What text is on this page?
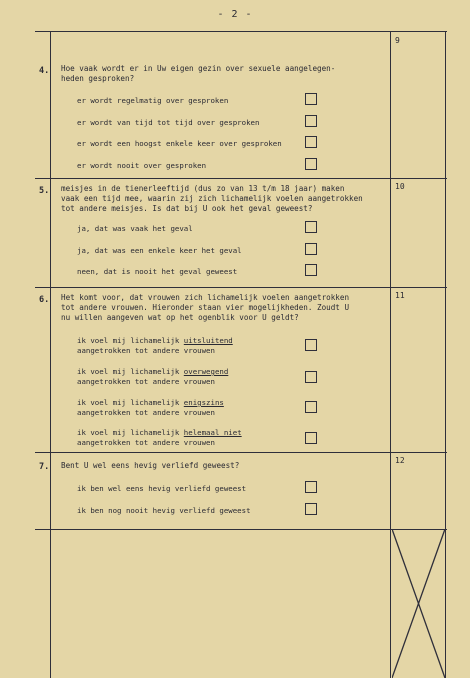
- 2 -
9
4. Hoe vaak wordt er in Uw eigen gezin over sexuele aangelegen-
heden gesproken?
er wordt regelmatig over gesproken
er wordt van tijd tot tijd over gesproken
er wordt een hoogst enkele keer over gesproken
er wordt nooit over gesproken
10
5. meisjes in de tienerleeftijd (dus zo van 13 t/m 18 jaar) maken
vaak een tijd mee, waarin zij zich lichamelijk voelen aangetrokken
tot andere meisjes. Is dat bij U ook het geval geweest?
ja, dat was vaak het geval
ja, dat was een enkele keer het geval
neen, dat is nooit het geval geweest
11
6. Het komt voor, dat vrouwen zich lichamelijk voelen aangetrokken
tot andere vrouwen. Hieronder staan vier mogelijkheden. Zoudt U
nu willen aangeven wat op het ogenblik voor U geldt?
ik voel mij lichamelijk uitsluitend
aangetrokken tot andere vrouwen
ik voel mij lichamelijk overwegend
aangetrokken tot andere vrouwen
ik voel mij lichamelijk enigszins
aangetrokken tot andere vrouwen
ik voel mij lichamelijk helemaal niet
aangetrokken tot andere vrouwen
12
7. Bent U wel eens hevig verliefd geweest?
ik ben wel eens hevig verliefd geweest
ik ben nog nooit hevig verliefd geweest
